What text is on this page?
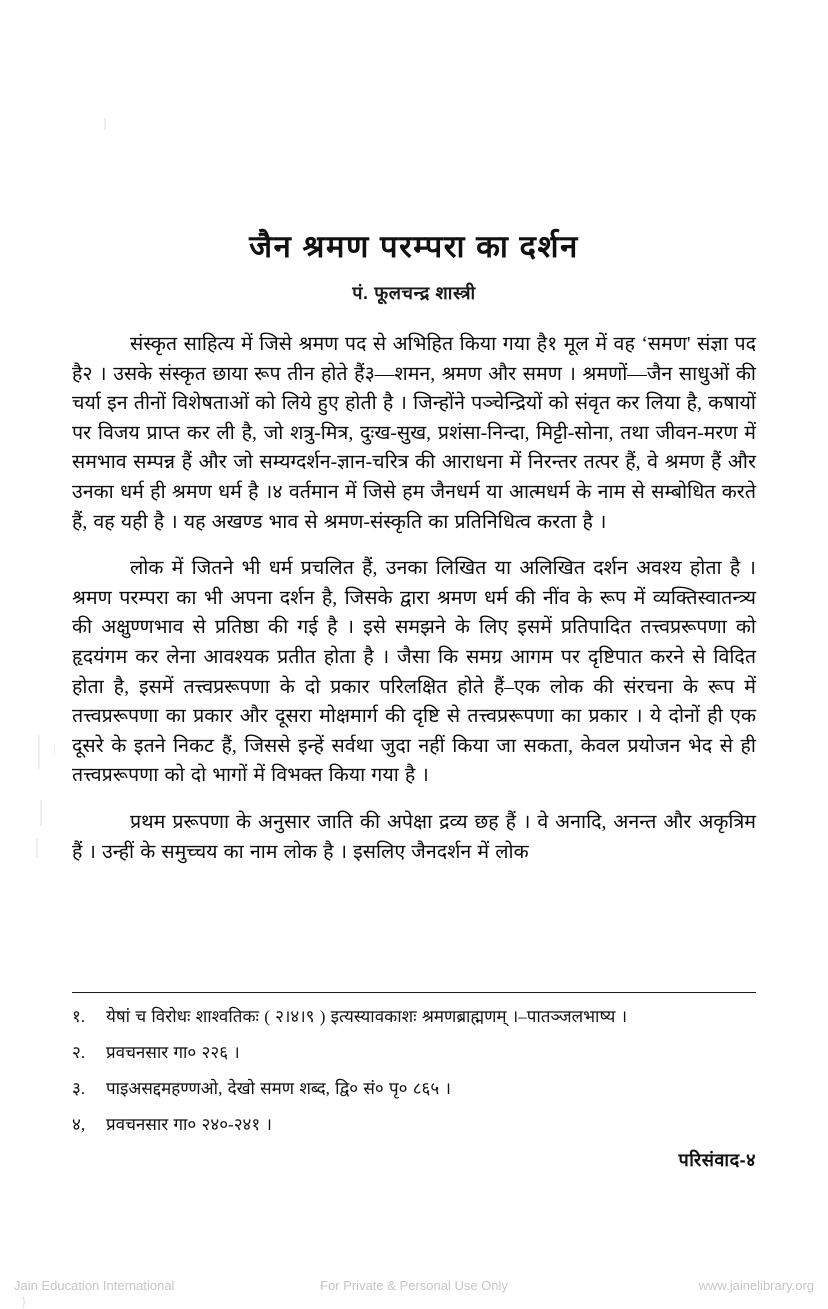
जैन श्रमण परम्परा का दर्शन
पं. फूलचन्द्र शास्त्री

संस्कृत साहित्य में जिसे श्रमण पद से अभिहित किया गया है१ मूल में वह ‘समण' संज्ञा पद है२ । उसके संस्कृत छाया रूप तीन होते हैं३—शमन, श्रमण और समण । श्रमणों—जैन साधुओं की चर्या इन तीनों विशेषताओं को लिये हुए होती है । जिन्होंने पञ्चेन्द्रियों को संवृत कर लिया है, कषायों पर विजय प्राप्त कर ली है, जो शत्रु-मित्र, दुःख-सुख, प्रशंसा-निन्दा, मिट्टी-सोना, तथा जीवन-मरण में समभाव सम्पन्न हैं और जो सम्यग्दर्शन-ज्ञान-चरित्र की आराधना में निरन्तर तत्पर हैं, वे श्रमण हैं और उनका धर्म ही श्रमण धर्म है ।४ वर्तमान में जिसे हम जैनधर्म या आत्मधर्म के नाम से सम्बोधित करते हैं, वह यही है । यह अखण्ड भाव से श्रमण-संस्कृति का प्रतिनिधित्व करता है ।

लोक में जितने भी धर्म प्रचलित हैं, उनका लिखित या अलिखित दर्शन अवश्य होता है । श्रमण परम्परा का भी अपना दर्शन है, जिसके द्वारा श्रमण धर्म की नींव के रूप में व्यक्तिस्वातन्त्र्य की अक्षुण्णभाव से प्रतिष्ठा की गई है । इसे समझने के लिए इसमें प्रतिपादित तत्त्वप्ररूपणा को हृदयंगम कर लेना आवश्यक प्रतीत होता है । जैसा कि समग्र आगम पर दृष्टिपात करने से विदित होता है, इसमें तत्त्वप्ररूपणा के दो प्रकार परिलक्षित होते हैं–एक लोक की संरचना के रूप में तत्त्वप्ररूपणा का प्रकार और दूसरा मोक्षमार्ग की दृष्टि से तत्त्वप्ररूपणा का प्रकार । ये दोनों ही एक दूसरे के इतने निकट हैं, जिससे इन्हें सर्वथा जुदा नहीं किया जा सकता, केवल प्रयोजन भेद से ही तत्त्वप्ररूपणा को दो भागों में विभक्त किया गया है ।

प्रथम प्ररूपणा के अनुसार जाति की अपेक्षा द्रव्य छह हैं । वे अनादि, अनन्त और अकृत्रिम हैं । उन्हीं के समुच्चय का नाम लोक है । इसलिए जैनदर्शन में लोक

१.	येषां च विरोधः शाश्वतिकः ( २।४।९ ) इत्यस्यावकाशः श्रमणब्राह्मणम् ।–पातञ्जलभाष्य ।
२.	प्रवचनसार गा० २२६ ।
३.	पाइअसद्दमहण्णओ, देखो समण शब्द, द्वि० सं० पृ० ८६५ ।
४,	प्रवचनसार गा० २४०-२४१ ।
परिसंवाद-४
Jain Education International	For Private & Personal Use Only	www.jainelibrary.org
}
